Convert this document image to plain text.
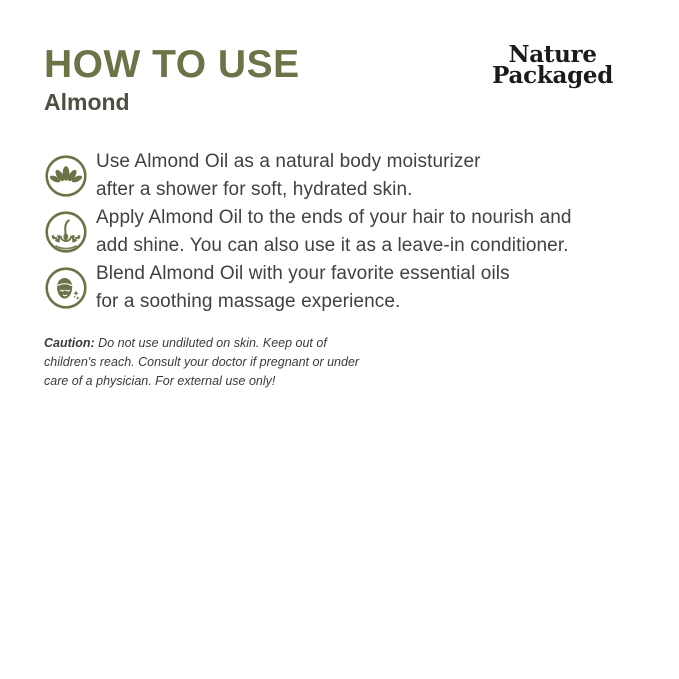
HOW TO USE
Almond
Nature
Packaged

Use Almond Oil as a natural body moisturizer
after a shower for soft, hydrated skin.

Apply Almond Oil to the ends of your hair to nourish and
add shine. You can also use it as a leave-in conditioner.

Blend Almond Oil with your favorite essential oils
for a soothing massage experience.

Caution: Do not use undiluted on skin. Keep out of children's reach. Consult your doctor if pregnant or under care of a physician. For external use only!
